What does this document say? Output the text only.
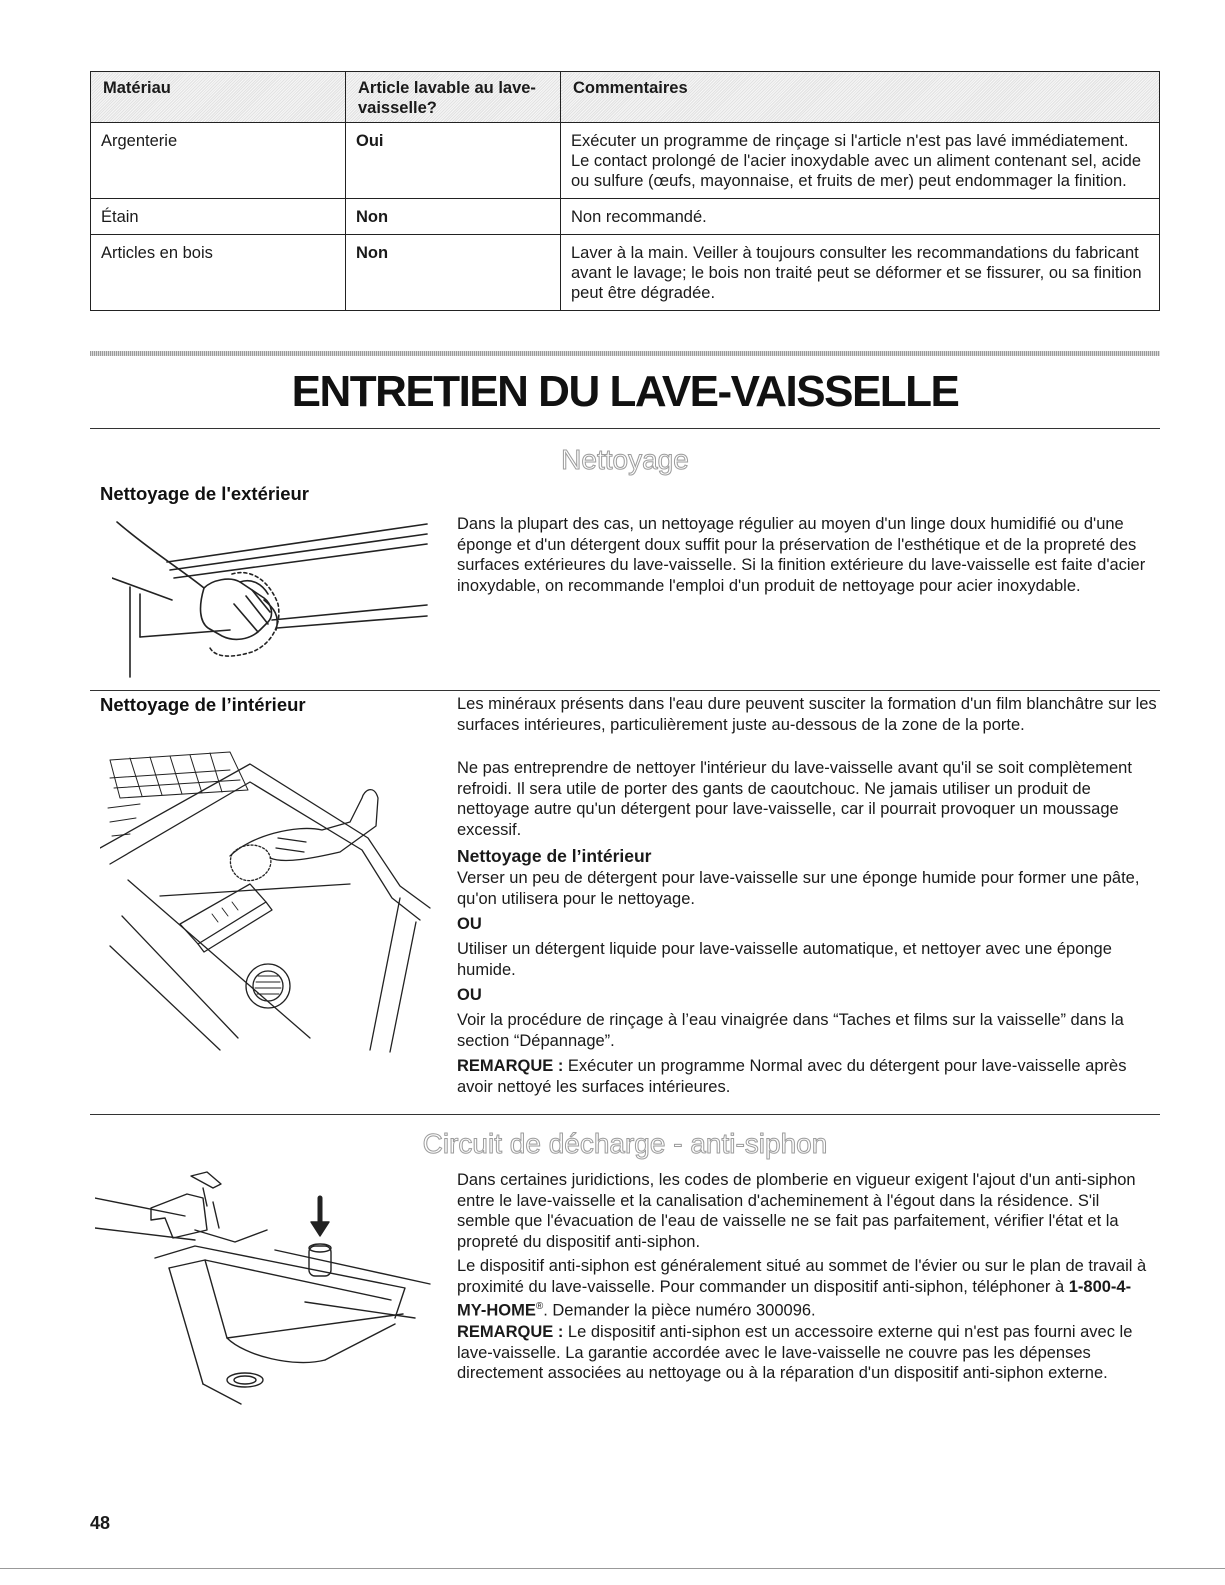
Matériau	Article lavable au lave-vaisselle?	Commentaires
Argenterie	Oui	Exécuter un programme de rinçage si l'article n'est pas lavé immédiatement. Le contact prolongé de l'acier inoxydable avec un aliment contenant sel, acide ou sulfure (œufs, mayonnaise, et fruits de mer) peut endommager la finition.
Étain	Non	Non recommandé.
Articles en bois	Non	Laver à la main. Veiller à toujours consulter les recommandations du fabricant avant le lavage; le bois non traité peut se déformer et se fissurer, ou sa finition peut être dégradée.
ENTRETIEN DU LAVE-VAISSELLE
Nettoyage
Nettoyage de l'extérieur

Dans la plupart des cas, un nettoyage régulier au moyen d'un linge doux humidifié ou d'une éponge et d'un détergent doux suffit pour la préservation de l'esthétique et de la propreté des surfaces extérieures du lave-vaisselle. Si la finition extérieure du lave-vaisselle est faite d'acier inoxydable, on recommande l'emploi d'un produit de nettoyage pour acier inoxydable.

Nettoyage de l’intérieur	Les minéraux présents dans l'eau dure peuvent susciter la formation d'un film blanchâtre sur les surfaces intérieures, particulièrement juste au-dessous de la zone de la porte.

Ne pas entreprendre de nettoyer l'intérieur du lave-vaisselle avant qu'il se soit complètement refroidi. Il sera utile de porter des gants de caoutchouc. Ne jamais utiliser un produit de nettoyage autre qu'un détergent pour lave-vaisselle, car il pourrait provoquer un moussage excessif.

Nettoyage de l’intérieur

Verser un peu de détergent pour lave-vaisselle sur une éponge humide pour former une pâte, qu'on utilisera pour le nettoyage.

OU

Utiliser un détergent liquide pour lave-vaisselle automatique, et nettoyer avec une éponge humide.

OU

Voir la procédure de rinçage à l’eau vinaigrée dans “Taches et films sur la vaisselle” dans la section “Dépannage”.

REMARQUE : Exécuter un programme Normal avec du détergent pour lave-vaisselle après avoir nettoyé les surfaces intérieures.

Circuit de décharge - anti-siphon

Dans certaines juridictions, les codes de plomberie en vigueur exigent l'ajout d'un anti-siphon entre le lave-vaisselle et la canalisation d'acheminement à l'égout dans la résidence. S'il semble que l'évacuation de l'eau de vaisselle ne se fait pas parfaitement, vérifier l'état et la propreté du dispositif anti-siphon.

Le dispositif anti-siphon est généralement situé au sommet de l'évier ou sur le plan de travail à proximité du lave-vaisselle. Pour commander un dispositif anti-siphon, téléphoner à 1-800-4-MY-HOME®. Demander la pièce numéro 300096.

REMARQUE : Le dispositif anti-siphon est un accessoire externe qui n'est pas fourni avec le lave-vaisselle. La garantie accordée avec le lave-vaisselle ne couvre pas les dépenses directement associées au nettoyage ou à la réparation d'un dispositif anti-siphon externe.

48
